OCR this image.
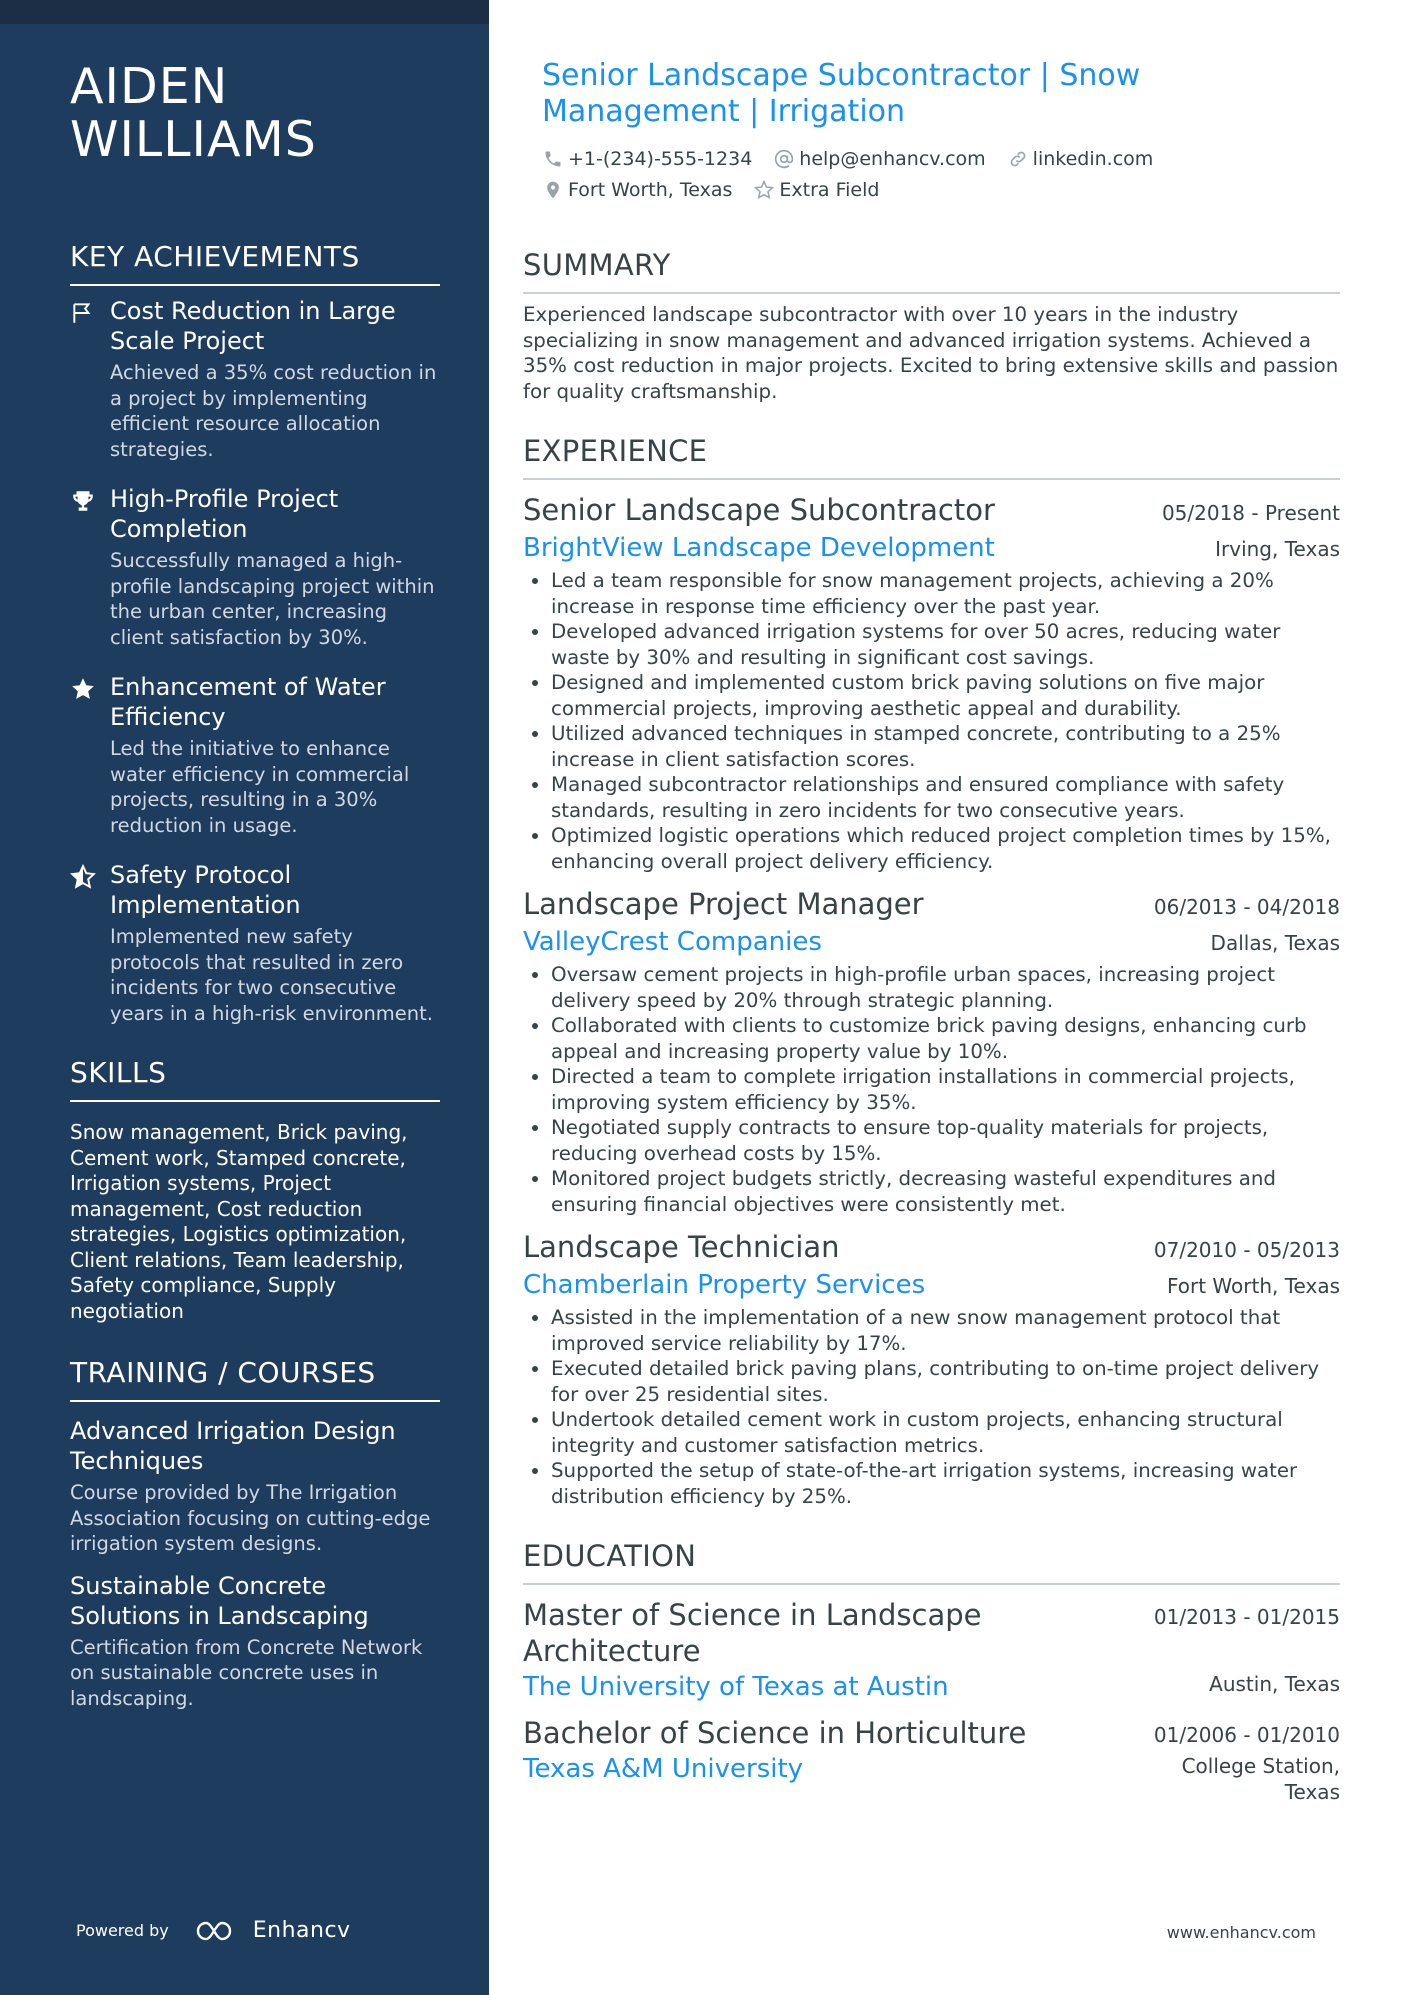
AIDEN
WILLIAMS
KEY ACHIEVEMENTS
Cost Reduction in Large Scale Project
Achieved a 35% cost reduction in a project by implementing efficient resource allocation strategies.
High-Profile Project Completion
Successfully managed a high-profile landscaping project within the urban center, increasing client satisfaction by 30%.
Enhancement of Water Efficiency
Led the initiative to enhance water efficiency in commercial projects, resulting in a 30% reduction in usage.
Safety Protocol Implementation
Implemented new safety protocols that resulted in zero incidents for two consecutive years in a high-risk environment.
SKILLS
Snow management, Brick paving, Cement work, Stamped concrete, Irrigation systems, Project management, Cost reduction strategies, Logistics optimization, Client relations, Team leadership, Safety compliance, Supply negotiation
TRAINING / COURSES
Advanced Irrigation Design Techniques
Course provided by The Irrigation Association focusing on cutting-edge irrigation system designs.
Sustainable Concrete Solutions in Landscaping
Certification from Concrete Network on sustainable concrete uses in landscaping.
Powered by	Enhancv
Senior Landscape Subcontractor | Snow Management | Irrigation
+1-(234)-555-1234 help@enhancv.com linkedin.com
Fort Worth, Texas Extra Field
SUMMARY
Experienced landscape subcontractor with over 10 years in the industry specializing in snow management and advanced irrigation systems. Achieved a 35% cost reduction in major projects. Excited to bring extensive skills and passion for quality craftsmanship.
EXPERIENCE
Senior Landscape Subcontractor	05/2018 - Present
BrightView Landscape Development	Irving, Texas
• Led a team responsible for snow management projects, achieving a 20% increase in response time efficiency over the past year.
• Developed advanced irrigation systems for over 50 acres, reducing water waste by 30% and resulting in significant cost savings.
• Designed and implemented custom brick paving solutions on five major commercial projects, improving aesthetic appeal and durability.
• Utilized advanced techniques in stamped concrete, contributing to a 25% increase in client satisfaction scores.
• Managed subcontractor relationships and ensured compliance with safety standards, resulting in zero incidents for two consecutive years.
• Optimized logistic operations which reduced project completion times by 15%, enhancing overall project delivery efficiency.
Landscape Project Manager	06/2013 - 04/2018
ValleyCrest Companies	Dallas, Texas
• Oversaw cement projects in high-profile urban spaces, increasing project delivery speed by 20% through strategic planning.
• Collaborated with clients to customize brick paving designs, enhancing curb appeal and increasing property value by 10%.
• Directed a team to complete irrigation installations in commercial projects, improving system efficiency by 35%.
• Negotiated supply contracts to ensure top-quality materials for projects, reducing overhead costs by 15%.
• Monitored project budgets strictly, decreasing wasteful expenditures and ensuring financial objectives were consistently met.
Landscape Technician	07/2010 - 05/2013
Chamberlain Property Services	Fort Worth, Texas
• Assisted in the implementation of a new snow management protocol that improved service reliability by 17%.
• Executed detailed brick paving plans, contributing to on-time project delivery for over 25 residential sites.
• Undertook detailed cement work in custom projects, enhancing structural integrity and customer satisfaction metrics.
• Supported the setup of state-of-the-art irrigation systems, increasing water distribution efficiency by 25%.
EDUCATION
Master of Science in Landscape Architecture
01/2013 - 01/2015
The University of Texas at Austin	Austin, Texas
Bachelor of Science in Horticulture	01/2006 - 01/2010
Texas A&M University	College Station, Texas
www.enhancv.com
